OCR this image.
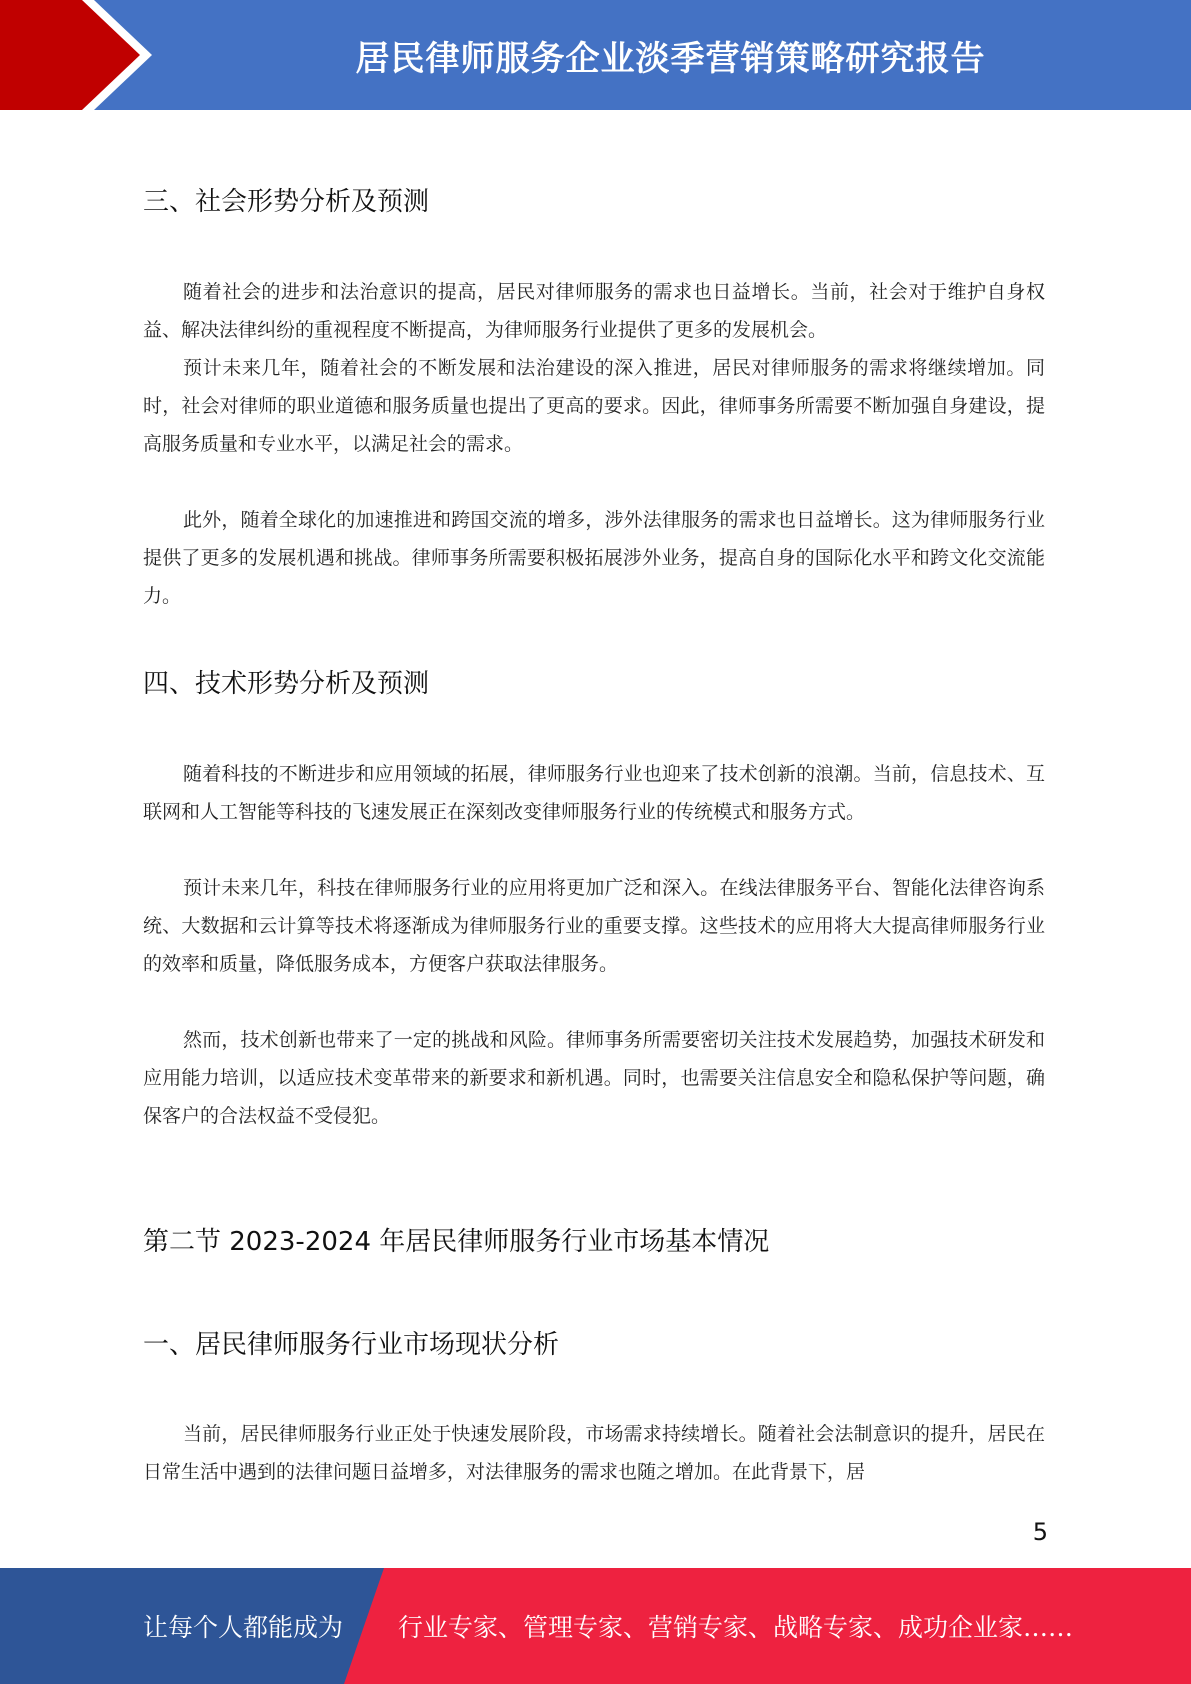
居民律师服务企业淡季营销策略研究报告
三、社会形势分析及预测

随着社会的进步和法治意识的提高，居民对律师服务的需求也日益增长。当前，社会对于维护自身权益、解决法律纠纷的重视程度不断提高，为律师服务行业提供了更多的发展机会。

预计未来几年，随着社会的不断发展和法治建设的深入推进，居民对律师服务的需求将继续增加。同时，社会对律师的职业道德和服务质量也提出了更高的要求。因此，律师事务所需要不断加强自身建设，提高服务质量和专业水平，以满足社会的需求。

此外，随着全球化的加速推进和跨国交流的增多，涉外法律服务的需求也日益增长。这为律师服务行业提供了更多的发展机遇和挑战。律师事务所需要积极拓展涉外业务，提高自身的国际化水平和跨文化交流能力。

四、技术形势分析及预测

随着科技的不断进步和应用领域的拓展，律师服务行业也迎来了技术创新的浪潮。当前，信息技术、互联网和人工智能等科技的飞速发展正在深刻改变律师服务行业的传统模式和服务方式。

预计未来几年，科技在律师服务行业的应用将更加广泛和深入。在线法律服务平台、智能化法律咨询系统、大数据和云计算等技术将逐渐成为律师服务行业的重要支撑。这些技术的应用将大大提高律师服务行业的效率和质量，降低服务成本，方便客户获取法律服务。

然而，技术创新也带来了一定的挑战和风险。律师事务所需要密切关注技术发展趋势，加强技术研发和应用能力培训，以适应技术变革带来的新要求和新机遇。同时，也需要关注信息安全和隐私保护等问题，确保客户的合法权益不受侵犯。

第二节 2023-2024 年居民律师服务行业市场基本情况
一、居民律师服务行业市场现状分析

当前，居民律师服务行业正处于快速发展阶段，市场需求持续增长。随着社会法制意识的提升，居民在日常生活中遇到的法律问题日益增多，对法律服务的需求也随之增加。在此背景下，居

5
让每个人都能成为 行业专家、管理专家、营销专家、战略专家、成功企业家……
